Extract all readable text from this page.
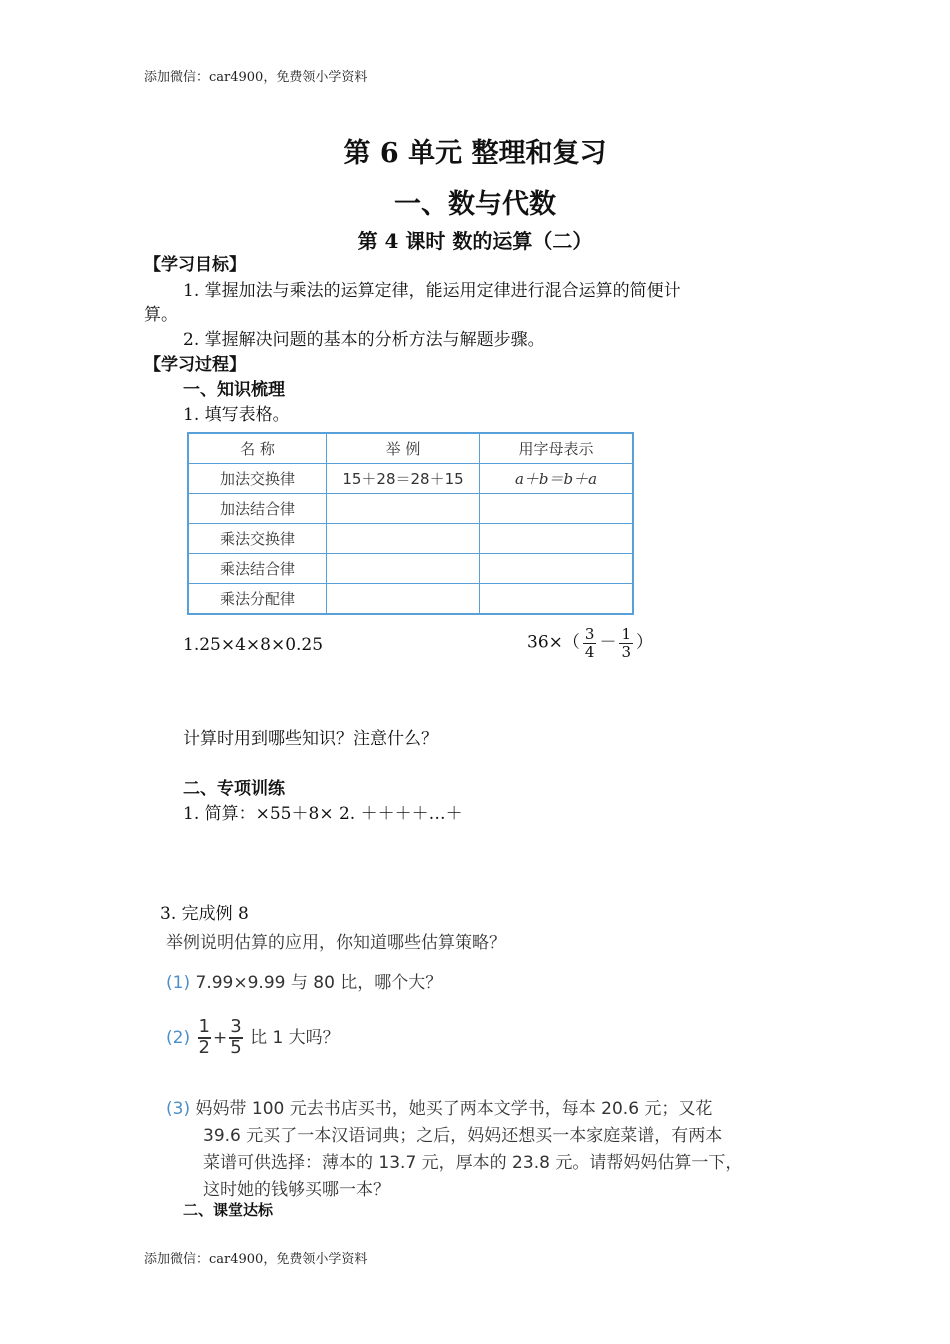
添加微信：car4900，免费领小学资料
第 6 单元 整理和复习
一、数与代数
第 4 课时 数的运算（二）
【学习目标】
1. 掌握加法与乘法的运算定律，能运用定律进行混合运算的简便计
算。
2. 掌握解决问题的基本的分析方法与解题步骤。
【学习过程】
一、知识梳理
1. 填写表格。
名 称	举 例	用字母表示
加法交换律	15＋28＝28＋15	a＋b＝b＋a
加法结合律		
乘法交换律		
乘法结合律		
乘法分配律		
1.25×4×8×0.25	$36\times( \frac{3}{4} - \frac{1}{3}$ ）
计算时用到哪些知识？注意什么？
二、专项训练
1. 简算：×55＋8× 2. ＋＋＋＋…＋
3. 完成例 8
举例说明估算的应用，你知道哪些估算策略？
(1) 7.99×9.99 与 80 比，哪个大？
$(2) \frac{1}{2} + \frac{3}{5}$ 比 1 大吗？
(3) 妈妈带 100 元去书店买书，她买了两本文学书，每本 20.6 元；又花
39.6 元买了一本汉语词典；之后，妈妈还想买一本家庭菜谱，有两本
菜谱可供选择：薄本的 13.7 元，厚本的 23.8 元。请帮妈妈估算一下，
这时她的钱够买哪一本？
二、课堂达标
添加微信：car4900，免费领小学资料
